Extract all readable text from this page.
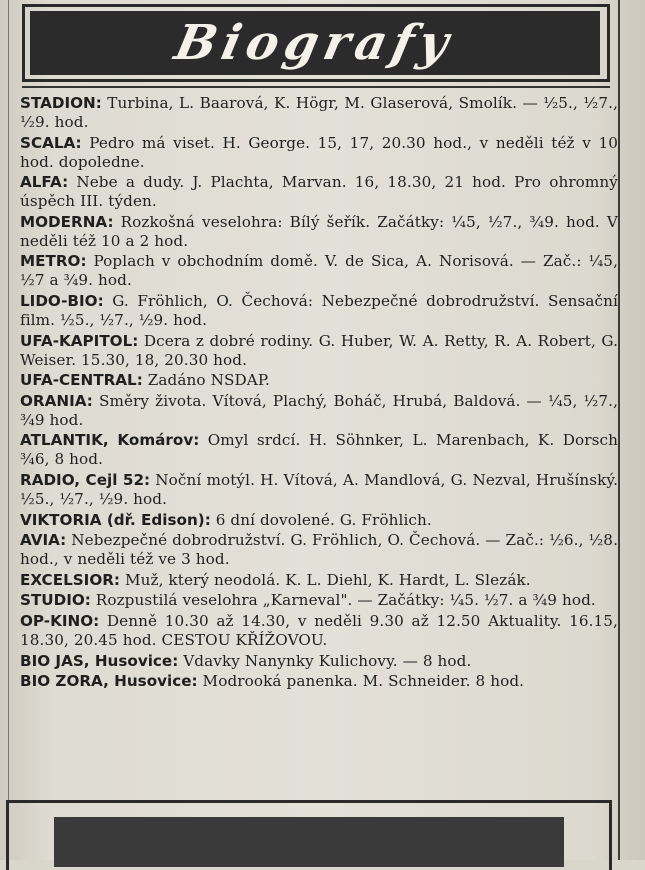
Biografy
STADION: Turbina, L. Baarová, K. Högr, M. Glaserová, Smolík. — ¹⁄₂5., ¹⁄₂7., ¹⁄₂9. hod.
SCALA: Pedro má viset. H. George. 15, 17, 20.30 hod., v neděli též v 10 hod. dopoledne.
ALFA: Nebe a dudy. J. Plachta, Marvan. 16, 18.30, 21 hod. Pro ohromný úspěch III. týden.
MODERNA: Rozkošná veselohra: Bílý šeřík. Začátky: ¼5, ½7., ¾9. hod. V neděli též 10 a 2 hod.
METRO: Poplach v obchodním domě. V. de Sica, A. Norisová. — Zač.: ¼5, ½7 a ¾9. hod.
LIDO-BIO: G. Fröhlich, O. Čechová: Nebezpečné dobrodružství. Sensační film. ½5., ½7., ½9. hod.
UFA-KAPITOL: Dcera z dobré rodiny. G. Huber, W. A. Retty, R. A. Robert, G. Weiser. 15.30, 18, 20.30 hod.
UFA-CENTRAL: Zadáno NSDAP.
ORANIA: Směry života. Vítová, Plachý, Boháč, Hrubá, Baldová. — ¼5, ½7., ¾9 hod.
ATLANTIK, Komárov: Omyl srdcí. H. Söhnker, L. Marenbach, K. Dorsch ¾6, 8 hod.
RADIO, Cejl 52: Noční motýl. H. Vítová, A. Mandlová, G. Nezval, Hrušínský. ½5., ½7., ½9. hod.
VIKTORIA (dř. Edison): 6 dní dovolené. G. Fröhlich.
AVIA: Nebezpečné dobrodružství. G. Fröhlich, O. Čechová. — Zač.: ½6., ½8. hod., v neděli též ve 3 hod.
EXCELSIOR: Muž, který neodolá. K. L. Diehl, K. Hardt, L. Slezák.
STUDIO: Rozpustilá veselohra „Karneval". — Začátky: ¼5. ½7. a ¾9 hod.
OP-KINO: Denně 10.30 až 14.30, v neděli 9.30 až 12.50 Aktuality. 16.15, 18.30, 20.45 hod. CESTOU KŘÍŽOVOU.
BIO JAS, Husovice: Vdavky Nanynky Kulichovy. — 8 hod.
BIO ZORA, Husovice: Modrooká panenka. M. Schneider. 8 hod.
